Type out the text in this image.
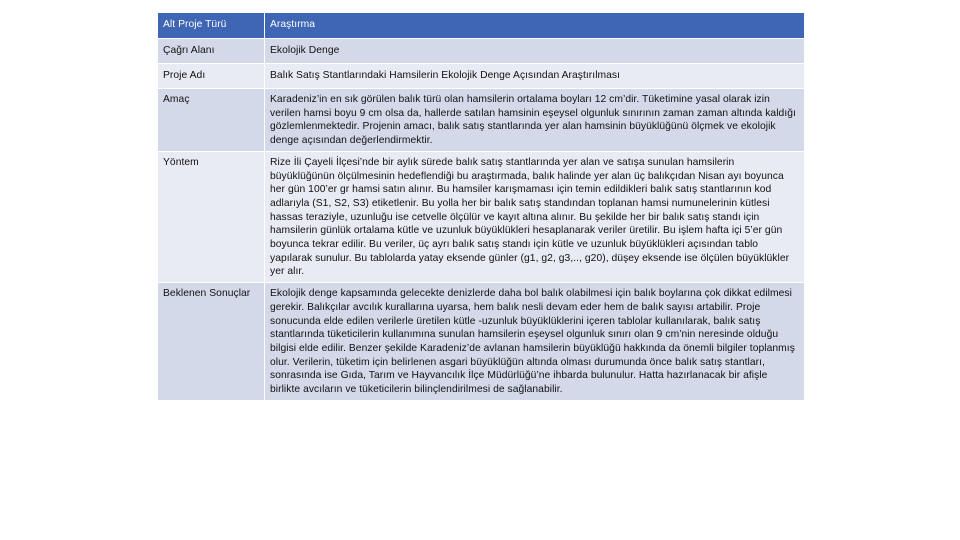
Alt Proje Türü	Araştırma
Çağrı Alanı	Ekolojik Denge
Proje Adı	Balık Satış Stantlarındaki Hamsilerin Ekolojik Denge Açısından Araştırılması
Amaç	Karadeniz’in en sık görülen balık türü olan hamsilerin ortalama boyları 12 cm’dir. Tüketimine yasal olarak izin verilen hamsi boyu 9 cm olsa da, hallerde satılan hamsinin eşeysel olgunluk sınırının zaman zaman altında kaldığı gözlemlenmektedir. Projenin amacı, balık satış stantlarında yer alan hamsinin büyüklüğünü ölçmek ve ekolojik denge açısından değerlendirmektir.
Yöntem	Rize İli Çayeli İlçesi’nde bir aylık sürede balık satış stantlarında yer alan ve satışa sunulan hamsilerin büyüklüğünün ölçülmesinin hedeflendiği bu araştırmada, balık halinde yer alan üç balıkçıdan Nisan ayı boyunca her gün 100’er gr hamsi satın alınır. Bu hamsiler karışmaması için temin edildikleri balık satış stantlarının kod adlarıyla (S1, S2, S3) etiketlenir. Bu yolla her bir balık satış standından toplanan hamsi numunelerinin kütlesi hassas teraziyle, uzunluğu ise cetvelle ölçülür ve kayıt altına alınır. Bu şekilde her bir balık satış standı için hamsilerin günlük ortalama kütle ve uzunluk büyüklükleri hesaplanarak veriler üretilir. Bu işlem hafta içi 5’er gün boyunca tekrar edilir. Bu veriler, üç ayrı balık satış standı için kütle ve uzunluk büyüklükleri açısından tablo yapılarak sunulur. Bu tablolarda yatay eksende günler (g1, g2, g3,.., g20), düşey eksende ise ölçülen büyüklükler yer alır.
Beklenen Sonuçlar	Ekolojik denge kapsamında gelecekte denizlerde daha bol balık olabilmesi için balık boylarına çok dikkat edilmesi gerekir. Balıkçılar avcılık kurallarına uyarsa, hem balık nesli devam eder hem de balık sayısı artabilir. Proje sonucunda elde edilen verilerle üretilen kütle -uzunluk büyüklüklerini içeren tablolar kullanılarak, balık satış stantlarında tüketicilerin kullanımına sunulan hamsilerin eşeysel olgunluk sınırı olan 9 cm’nin neresinde olduğu bilgisi elde edilir. Benzer şekilde Karadeniz’de avlanan hamsilerin büyüklüğü hakkında da önemli bilgiler toplanmış olur. Verilerin, tüketim için belirlenen asgari büyüklüğün altında olması durumunda önce balık satış stantları, sonrasında ise Gıda, Tarım ve Hayvancılık İlçe Müdürlüğü’ne ihbarda bulunulur. Hatta hazırlanacak bir afişle birlikte avcıların ve tüketicilerin bilinçlendirilmesi de sağlanabilir.
